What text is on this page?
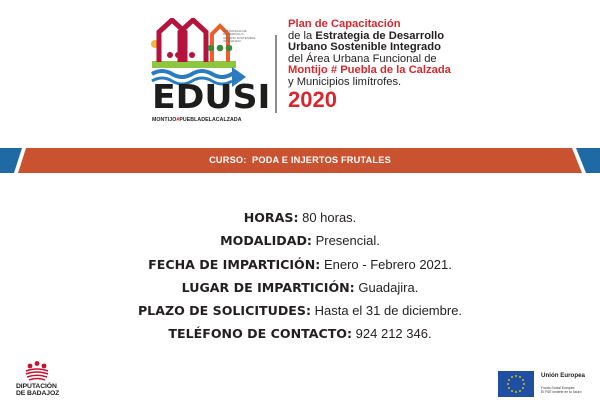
ESTRATEGIA DE DESARROLLO URBANO SOSTENIBLE INTEGRADO
EDUSI
MONTIJO#PUEBLADELACALZADA
Plan de Capacitación
de la Estrategia de Desarrollo
Urbano Sostenible Integrado
del Área Urbana Funcional de
Montijo # Puebla de la Calzada
y Municipios limítrofes.
2020
CURSO:  PODA E INJERTOS FRUTALES
HORAS: 80 horas.
MODALIDAD: Presencial.
FECHA DE IMPARTICIÓN: Enero - Febrero 2021.
LUGAR DE IMPARTICIÓN: Guadajira.
PLAZO DE SOLICITUDES: Hasta el 31 de diciembre.
TELÉFONO DE CONTACTO: 924 212 346.
DIPUTACIÓN
DE BADAJOZ
Unión Europea
Fondo Social Europeo
El FSE invierte en tu futuro
